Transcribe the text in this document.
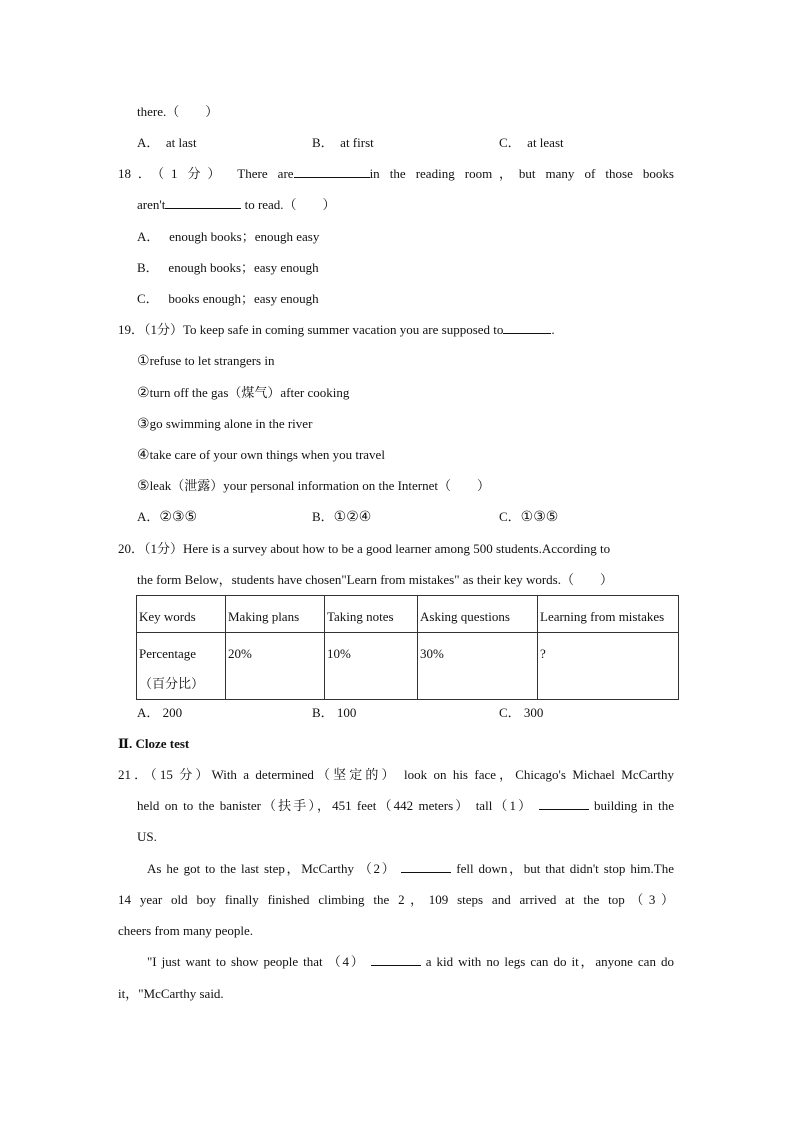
there.（　　）
A． at last	B． at first	C． at least
18．（1 分） There are	in the reading room，but many of those books
aren't	to read.（　　）
A． enough books；enough easy
B． enough books；easy enough
C． books enough；easy enough
19．（1分）To keep safe in coming summer vacation you are supposed to	.
①refuse to let strangers in
②turn off the gas（煤气）after cooking
③go swimming alone in the river
④take care of your own things when you travel
⑤leak（泄露）your personal information on the Internet（　　）
A．②③⑤	B．①②④	C．①③⑤
20．（1分）Here is a survey about how to be a good learner among 500 students.According to
the form Below，students have chosen"Learn from mistakes" as their key words.（　　）
Key words	Making plans	Taking notes	Asking questions	Learning from mistakes

Percentage
（百分比）	20%	10%	30%	?
A． 200	B． 100	C． 300
Ⅱ. Cloze test
21．（15 分）With a determined（坚定的） look on his face，Chicago's Michael McCarthy
held on to the banister（扶手），451 feet（442 meters） tall（1）	building in the
US.
As he got to the last step，McCarthy （2）	fell down，but that didn't stop him.The
14 year old boy finally finished climbing the 2，109 steps and arrived at the top（3）
cheers from many people.
"I just want to show people that （4）	a kid with no legs can do it，anyone can do
it，"McCarthy said.
